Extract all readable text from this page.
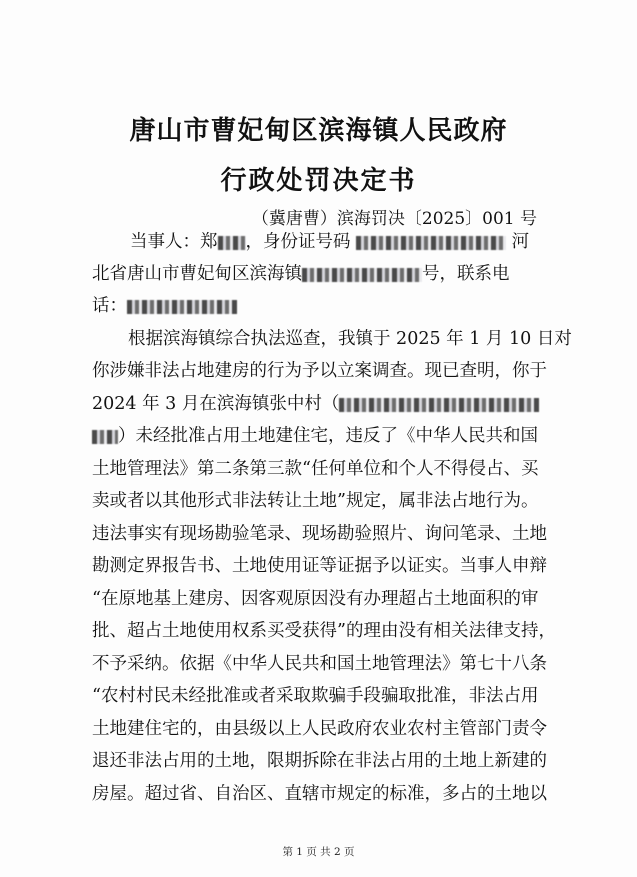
唐山市曹妃甸区滨海镇人民政府
行政处罚决定书
（冀唐曹）滨海罚决〔2025〕001 号
当事人：郑 ，身份证号码	河
北省唐山市曹妃甸区滨海镇	号，联系电
话：
根据滨海镇综合执法巡查，我镇于 2025 年 1 月 10 日对
你涉嫌非法占地建房的行为予以立案调查。现已查明，你于
2024 年 3 月在滨海镇张中村（
）未经批准占用土地建住宅，违反了《中华人民共和国
土地管理法》第二条第三款“任何单位和个人不得侵占、买
卖或者以其他形式非法转让土地”规定，属非法占地行为。
违法事实有现场勘验笔录、现场勘验照片、询问笔录、土地
勘测定界报告书、土地使用证等证据予以证实。当事人申辩
“在原地基上建房、因客观原因没有办理超占土地面积的审
批、超占土地使用权系买受获得”的理由没有相关法律支持，
不予采纳。依据《中华人民共和国土地管理法》第七十八条
“农村村民未经批准或者采取欺骗手段骗取批准，非法占用
土地建住宅的，由县级以上人民政府农业农村主管部门责令
退还非法占用的土地，限期拆除在非法占用的土地上新建的
房屋。超过省、自治区、直辖市规定的标准，多占的土地以
第 1 页 共 2 页
